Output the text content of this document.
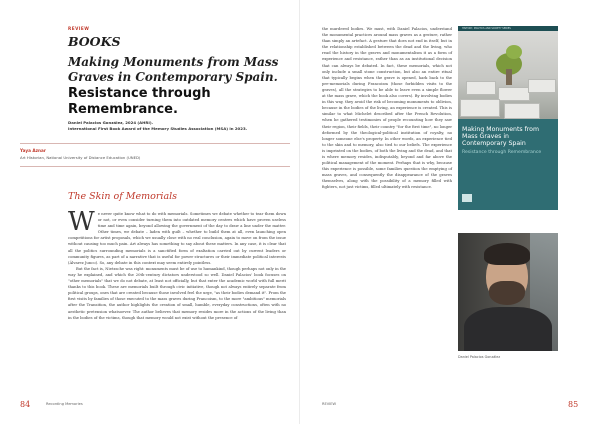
REVIEW
BOOKS
Making Monuments from Mass Graves in Contemporary Spain.
Resistance through Remembrance.
Daniel Palacios González, 2024 (AHRI).
International First Book Award of the Memory Studies Association (MSA) in 2023.
Yaya Aznar
Art Historian, National University of Distance Education (UNED)
The Skin of Memorials

We never quite know what to do with memorials. Sometimes we debate whether to tear them down or not, or even consider turning them into outdated memory centres which have proven useless time and time again, beyond allowing the government of the day to draw a line under the matter. Other times, we debate – laden with guilt – whether to build them at all, even launching open competitions for artist proposals, which we usually close with no real conclusion, again to move on from the issue without causing too much pain. Art always has something to say about these matters. In any case, it is clear that all the politics surrounding memorials is a sanctified form of exaltation carried out by current leaders or community figures, as part of a narrative that is useful for power structures or their immediate political interests (Álvarez Junco). So, any debate in this context may seem entirely pointless.

But the fact is, Nietzsche was right: monuments must be of use to humankind, though perhaps not only in the way he explained, and which the 20th-century dictators understood so well. Daniel Palacios' book focuses on "other memorials" that we do not debate, at least not officially, but that enter the academic world with full merit thanks to this book. These are memorials built through civic initiative, though not always entirely separate from political groups, ones that are created because those involved feel the urge, "as their bodies demand it". From the first visits by families of those executed to the mass graves during Francoism, to the more "ambitious" memorials after the Transition, the author highlights the creation of small, humble, everyday constructions, often with no aesthetic pretension whatsoever. The author believes that memory resides more in the actions of the living than in the bodies of the victims, though that memory would not exist without the presence of

84	Recording Memories
the murdered bodies. We must, with Daniel Palacios, understand the monumental practices around mass graves as a gesture, rather than simply an artefact. A gesture that does not end in itself, but in the relationship established between the dead and the living, who read the history in the graves and monumentalism it as a form of experience and resistance, rather than as an institutional decision that can always be debated. In fact, these memorials, which not only include a small stone construction, but also an entire ritual that typically begins when the grave is opened, hark back to the pre-memorials during Francoism (those forbidden visits to the graves), all the strategies to be able to leave even a simple flower at the mass grave, which the book also covers). By involving bodies in this way, they avoid the risk of becoming monuments to oblivion, because in the bodies of the living, an experience is created. This is similar to what Michelet described after the French Revolution, when he gathered testimonies of people recounting how they saw their region, their fields, their country "for the first time", no longer deformed by the theological-political institution of royalty, no longer someone else's property. In other words, an experience tied to the skin and to memory, also tied to our beliefs. The experience is imprinted on the bodies, of both the living and the dead, and that is where memory resides, indisputably, beyond and far above the political management of the moment. Perhaps that is why, because this experience is possible, some families question the emptying of mass graves, and consequently the disappearance of the graves themselves, along with the possibility of a memory filled with fighters, not just victims, filled ultimately with resistance.
HISTORY, POLITICS AND SOCIETY SERIES
Making Monuments from Mass Graves in Contemporary Spain
Resistance through Remembrance
Daniel Palacios González
REVIEW	85
